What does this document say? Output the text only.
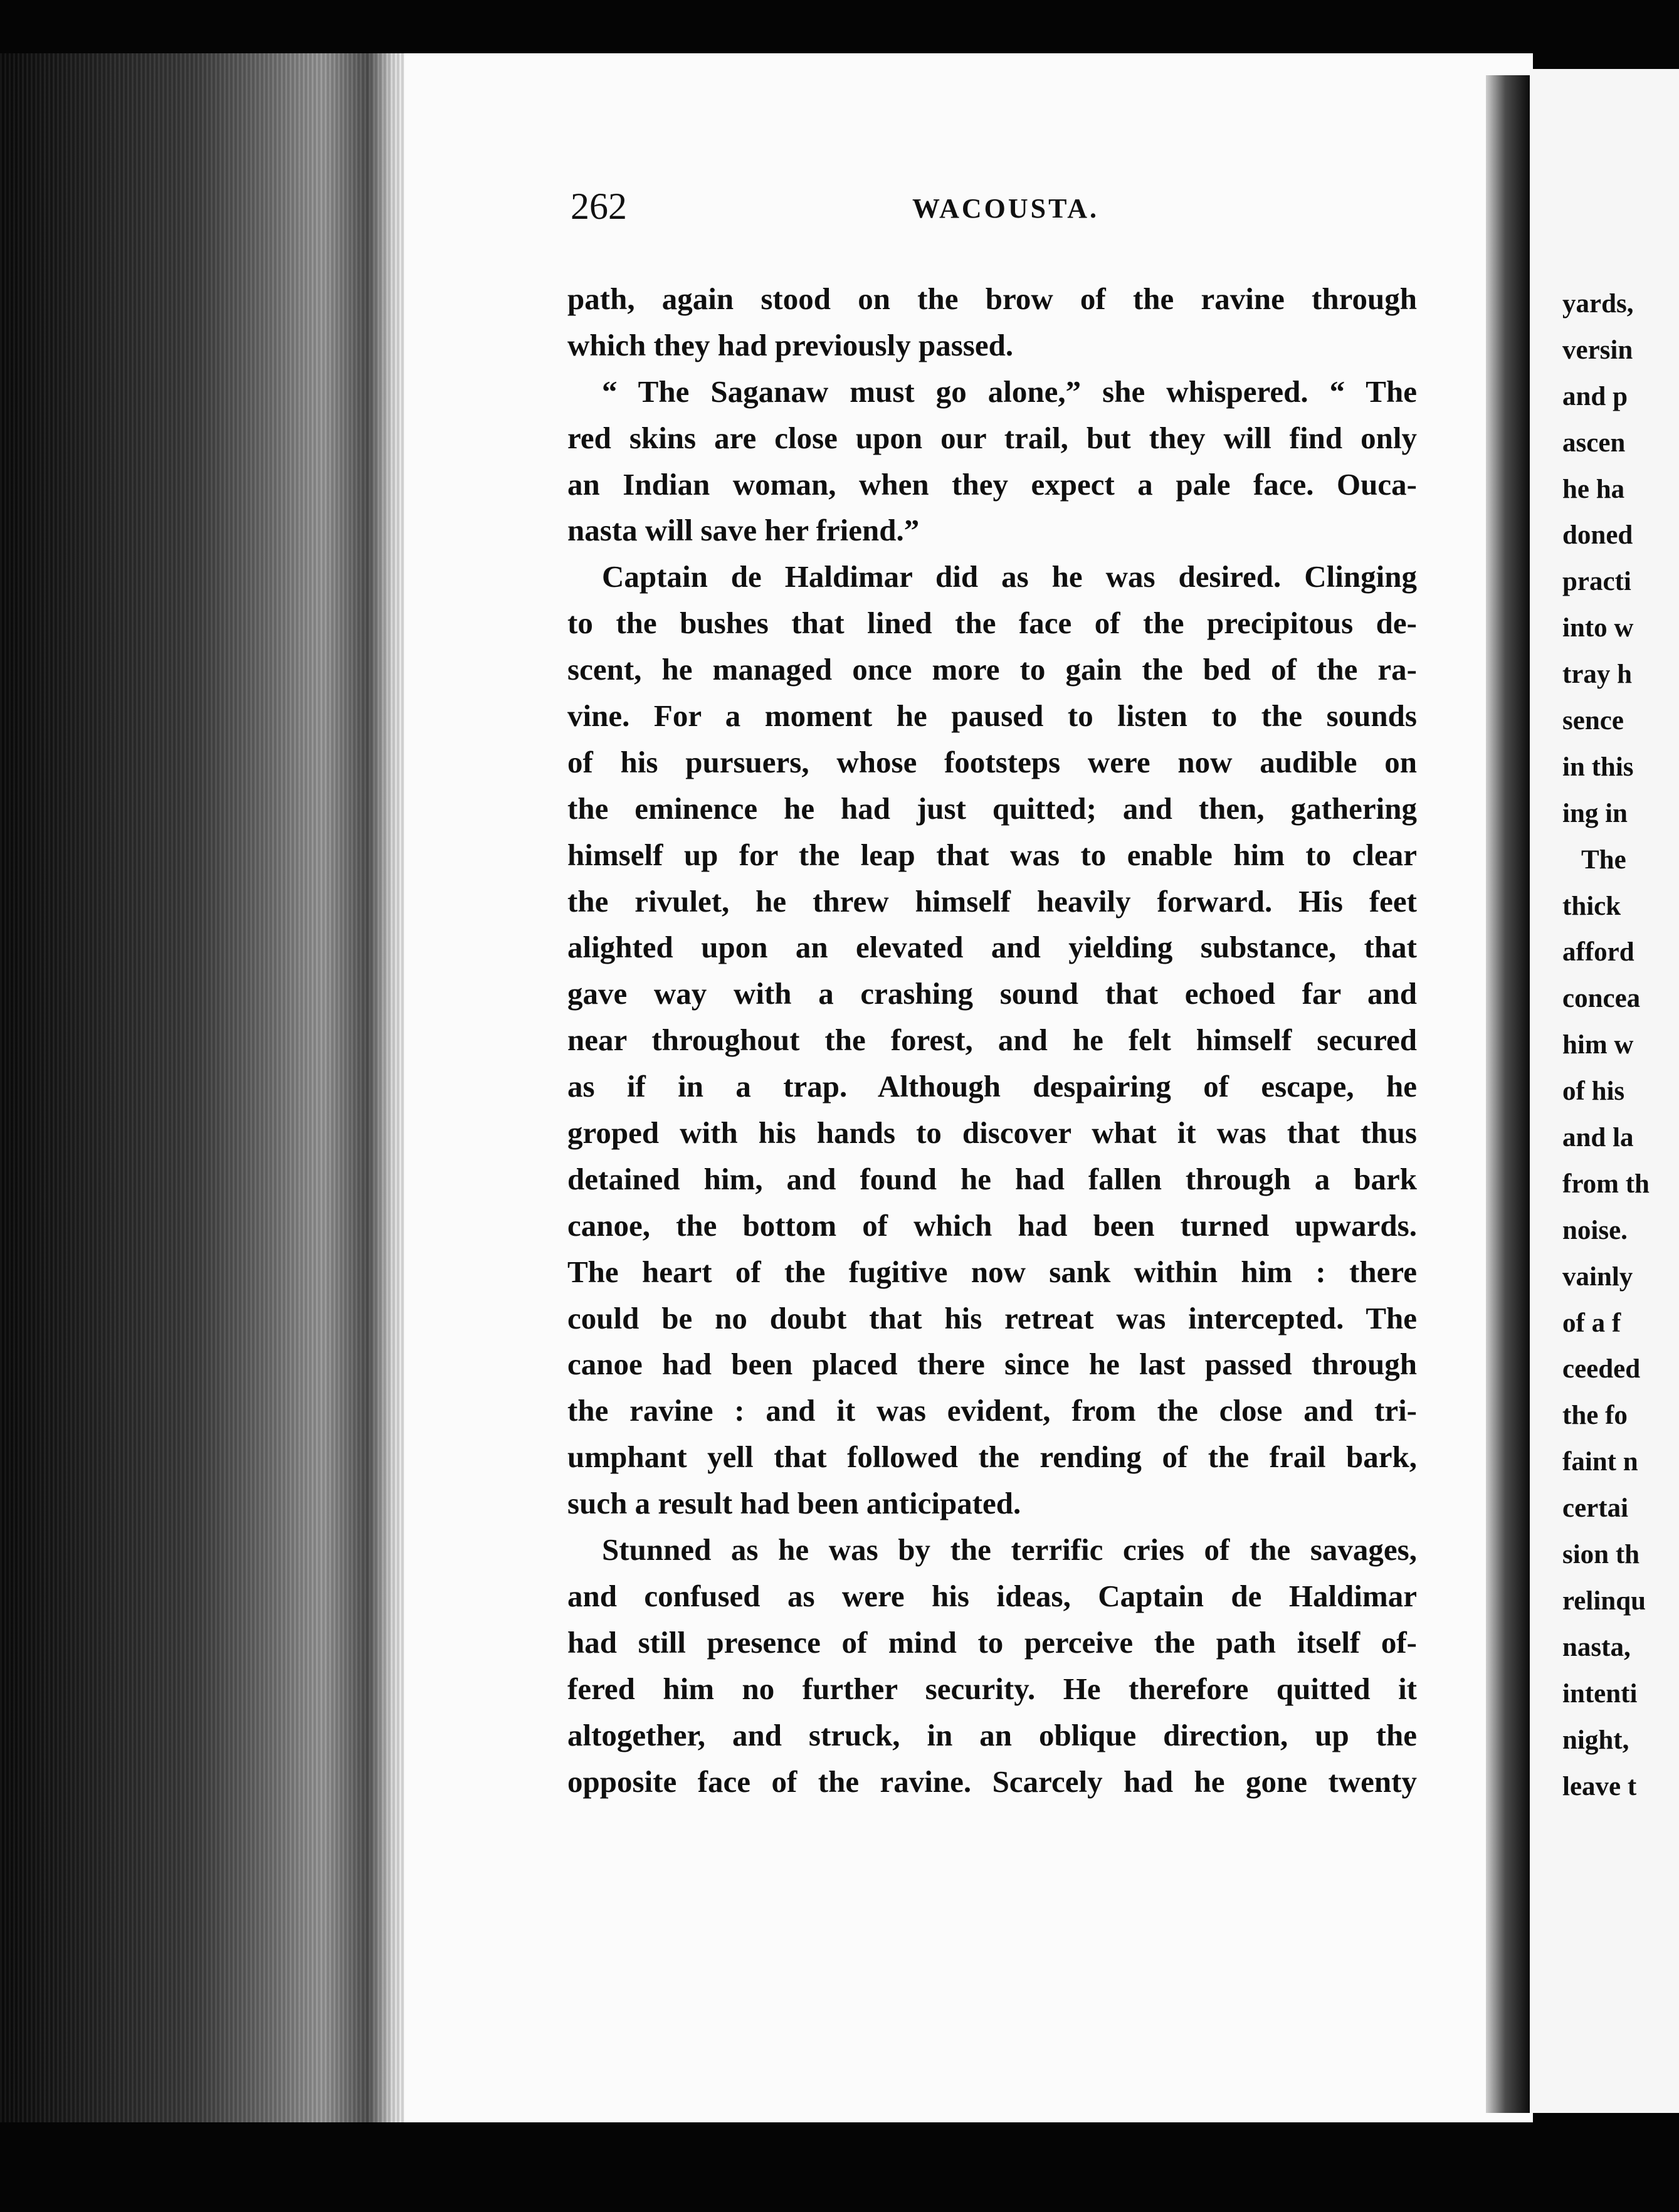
262	WACOUSTA.
path, again stood on the brow of the ravine through
which they had previously passed.
“ The Saganaw must go alone,” she whispered. “ The
red skins are close upon our trail, but they will find only
an Indian woman, when they expect a pale face. Ouca-
nasta will save her friend.”
Captain de Haldimar did as he was desired. Clinging
to the bushes that lined the face of the precipitous de-
scent, he managed once more to gain the bed of the ra-
vine. For a moment he paused to listen to the sounds
of his pursuers, whose footsteps were now audible on
the eminence he had just quitted; and then, gathering
himself up for the leap that was to enable him to clear
the rivulet, he threw himself heavily forward. His feet
alighted upon an elevated and yielding substance, that
gave way with a crashing sound that echoed far and
near throughout the forest, and he felt himself secured
as if in a trap. Although despairing of escape, he
groped with his hands to discover what it was that thus
detained him, and found he had fallen through a bark
canoe, the bottom of which had been turned upwards.
The heart of the fugitive now sank within him : there
could be no doubt that his retreat was intercepted. The
canoe had been placed there since he last passed through
the ravine : and it was evident, from the close and tri-
umphant yell that followed the rending of the frail bark,
such a result had been anticipated.
Stunned as he was by the terrific cries of the savages,
and confused as were his ideas, Captain de Haldimar
had still presence of mind to perceive the path itself of-
fered him no further security. He therefore quitted it
altogether, and struck, in an oblique direction, up the
opposite face of the ravine. Scarcely had he gone twenty
yards,
versin
and p
ascen
he ha
doned
practi
into w
tray h
sence
in this
ing in
The
thick
afford
concea
him w
of his
and la
from th
noise.
vainly
of a f
ceeded
the fo
faint n
certai
sion th
relinqu
nasta,
intenti
night,
leave t
